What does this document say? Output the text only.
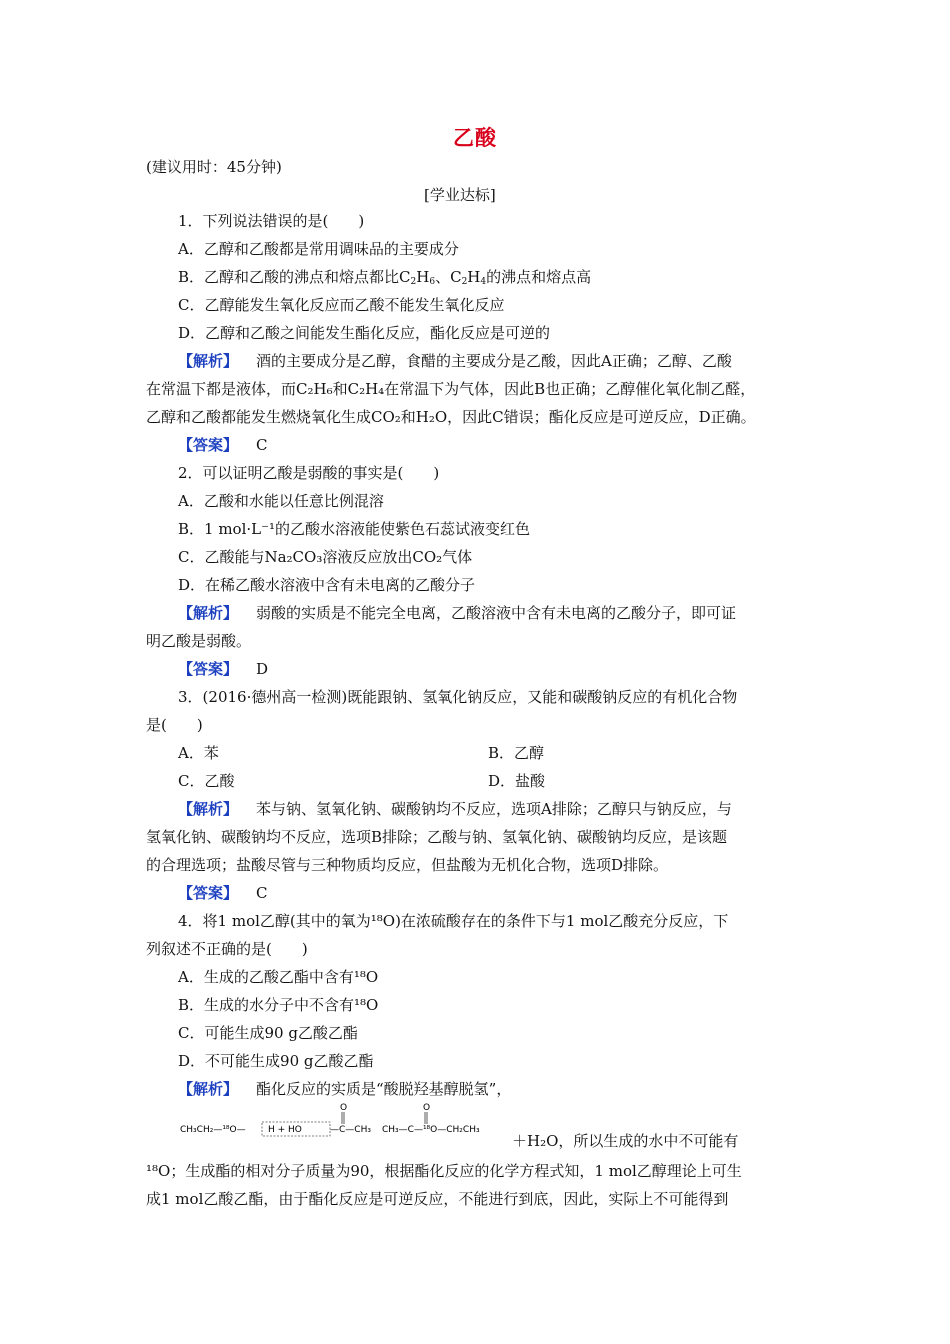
乙酸
(建议用时：45分钟)
[学业达标]
1．下列说法错误的是(　　)
A．乙醇和乙酸都是常用调味品的主要成分
B．乙醇和乙酸的沸点和熔点都比$C_2H_6$、$C_2H_4$的沸点和熔点高
C．乙醇能发生氧化反应而乙酸不能发生氧化反应
D．乙醇和乙酸之间能发生酯化反应，酯化反应是可逆的
【解析】 酒的主要成分是乙醇，食醋的主要成分是乙酸，因此A正确；乙醇、乙酸
在常温下都是液体，而C₂H₆和C₂H₄在常温下为气体，因此B也正确；乙醇催化氧化制乙醛，
乙醇和乙酸都能发生燃烧氧化生成CO₂和H₂O，因此C错误；酯化反应是可逆反应，D正确。
【答案】 C
2．可以证明乙酸是弱酸的事实是(　　)
A．乙酸和水能以任意比例混溶
B．1 mol·L⁻¹的乙酸水溶液能使紫色石蕊试液变红色
C．乙酸能与Na₂CO₃溶液反应放出CO₂气体
D．在稀乙酸水溶液中含有未电离的乙酸分子
【解析】 弱酸的实质是不能完全电离，乙酸溶液中含有未电离的乙酸分子，即可证
明乙酸是弱酸。
【答案】 D
3．(2016·德州高一检测)既能跟钠、氢氧化钠反应，又能和碳酸钠反应的有机化合物
是(　　)
A．苯	B．乙醇
C．乙酸	D．盐酸
【解析】 苯与钠、氢氧化钠、碳酸钠均不反应，选项A排除；乙醇只与钠反应，与
氢氧化钠、碳酸钠均不反应，选项B排除；乙酸与钠、氢氧化钠、碳酸钠均反应，是该题
的合理选项；盐酸尽管与三种物质均反应，但盐酸为无机化合物，选项D排除。
【答案】 C
4．将1 mol乙醇(其中的氧为¹⁸O)在浓硫酸存在的条件下与1 mol乙酸充分反应，下
列叙述不正确的是(　　)
A．生成的乙酸乙酯中含有¹⁸O
B．生成的水分子中不含有¹⁸O
C．可能生成90 g乙酸乙酯
D．不可能生成90 g乙酸乙酯
【解析】 酯化反应的实质是“酸脱羟基醇脱氢”，
CH₃CH₂—¹⁸O— H + HO	—C—CH₃
O
CH₃—C—¹⁸O—CH₂CH₃
O
＋H₂O，所以生成的水中不可能有
¹⁸O；生成酯的相对分子质量为90，根据酯化反应的化学方程式知，1 mol乙醇理论上可生
成1 mol乙酸乙酯，由于酯化反应是可逆反应，不能进行到底，因此，实际上不可能得到
